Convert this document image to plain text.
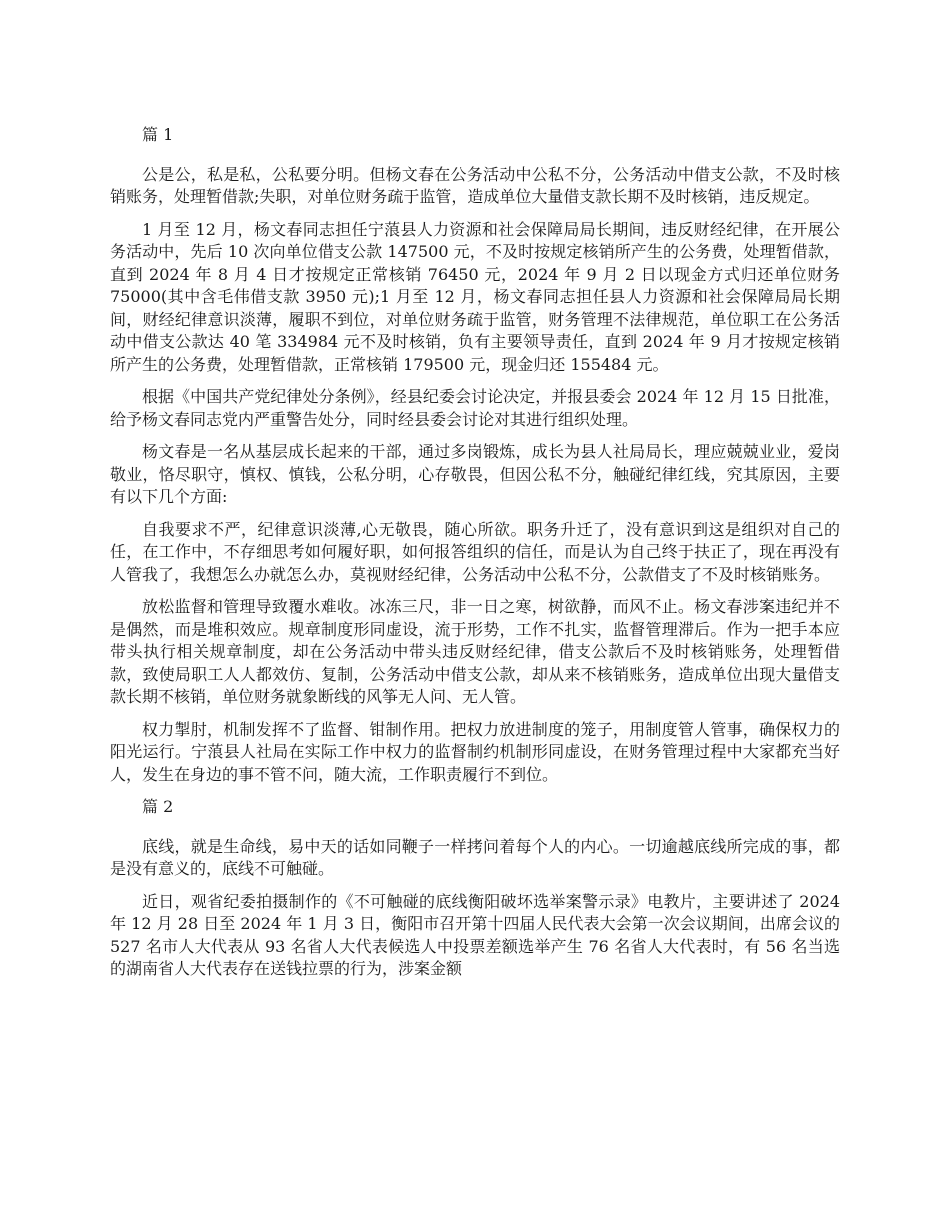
篇 1

公是公，私是私，公私要分明。但杨文春在公务活动中公私不分，公务活动中借支公款，不及时核销账务，处理暂借款;失职，对单位财务疏于监管，造成单位大量借支款长期不及时核销，违反规定。

1 月至 12 月，杨文春同志担任宁蒗县人力资源和社会保障局局长期间，违反财经纪律，在开展公务活动中，先后 10 次向单位借支公款 147500 元，不及时按规定核销所产生的公务费，处理暂借款，直到 2024 年 8 月 4 日才按规定正常核销 76450 元，2024 年 9 月 2 日以现金方式归还单位财务 75000(其中含毛伟借支款 3950 元);1 月至 12 月，杨文春同志担任县人力资源和社会保障局局长期间，财经纪律意识淡薄，履职不到位，对单位财务疏于监管，财务管理不法律规范，单位职工在公务活动中借支公款达 40 笔 334984 元不及时核销，负有主要领导责任，直到 2024 年 9 月才按规定核销所产生的公务费，处理暂借款，正常核销 179500 元，现金归还 155484 元。

根据《中国共产党纪律处分条例》，经县纪委会讨论决定，并报县委会 2024 年 12 月 15 日批准，给予杨文春同志党内严重警告处分，同时经县委会讨论对其进行组织处理。

杨文春是一名从基层成长起来的干部，通过多岗锻炼，成长为县人社局局长，理应兢兢业业，爱岗敬业，恪尽职守，慎权、慎钱，公私分明，心存敬畏，但因公私不分，触碰纪律红线，究其原因，主要有以下几个方面:

自我要求不严，纪律意识淡薄,心无敬畏，随心所欲。职务升迁了，没有意识到这是组织对自己的任，在工作中，不存细思考如何履好职，如何报答组织的信任，而是认为自己终于扶正了，现在再没有人管我了，我想怎么办就怎么办，莫视财经纪律，公务活动中公私不分，公款借支了不及时核销账务。

放松监督和管理导致覆水难收。冰冻三尺，非一日之寒，树欲静，而风不止。杨文春涉案违纪并不是偶然，而是堆积效应。规章制度形同虚设，流于形势，工作不扎实，监督管理滞后。作为一把手本应带头执行相关规章制度，却在公务活动中带头违反财经纪律，借支公款后不及时核销账务，处理暂借款，致使局职工人人都效仿、复制，公务活动中借支公款，却从来不核销账务，造成单位出现大量借支款长期不核销，单位财务就象断线的风筝无人问、无人管。

权力掣肘，机制发挥不了监督、钳制作用。把权力放进制度的笼子，用制度管人管事，确保权力的阳光运行。宁蒗县人社局在实际工作中权力的监督制约机制形同虚设，在财务管理过程中大家都充当好人，发生在身边的事不管不问，随大流，工作职责履行不到位。

篇 2

底线，就是生命线，易中天的话如同鞭子一样拷问着每个人的内心。一切逾越底线所完成的事，都是没有意义的，底线不可触碰。

近日，观省纪委拍摄制作的《不可触碰的底线衡阳破坏选举案警示录》电教片，主要讲述了 2024 年 12 月 28 日至 2024 年 1 月 3 日，衡阳市召开第十四届人民代表大会第一次会议期间，出席会议的 527 名市人大代表从 93 名省人大代表候选人中投票差额选举产生 76 名省人大代表时，有 56 名当选的湖南省人大代表存在送钱拉票的行为，涉案金额
